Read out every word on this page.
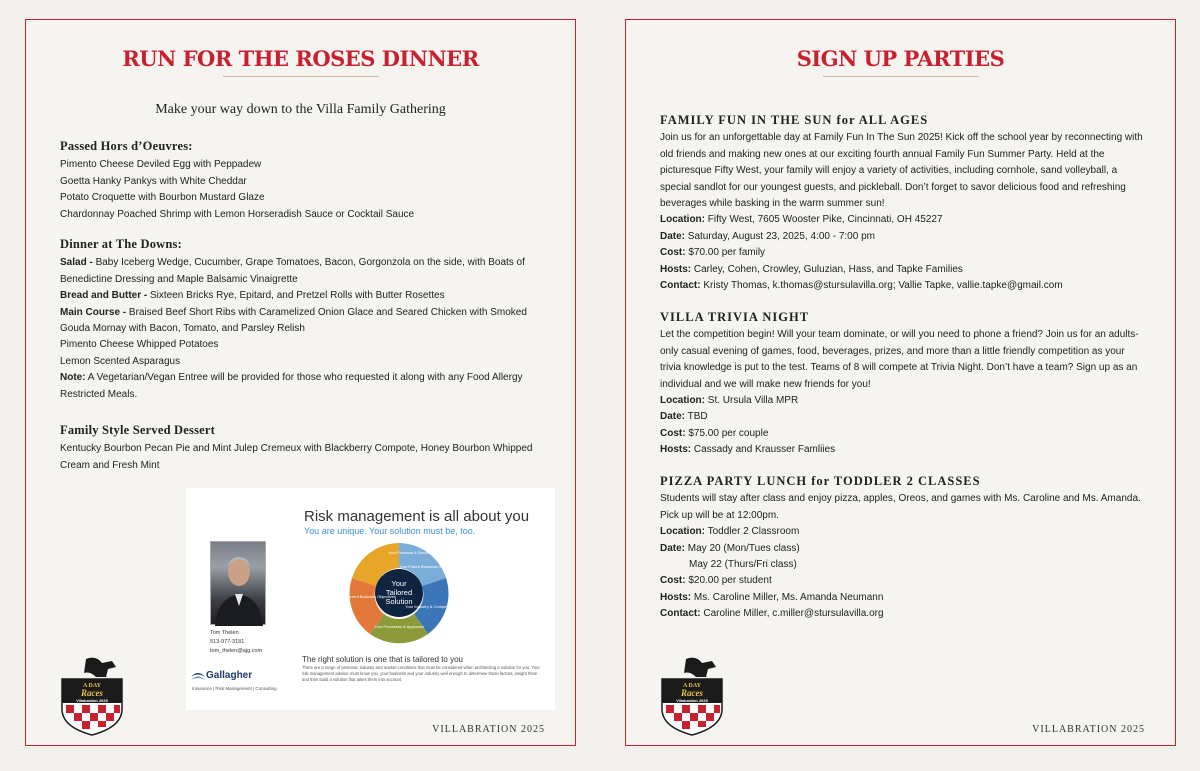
RUN FOR THE ROSES DINNER
Make your way down to the Villa Family Gathering
Passed Hors d’Oeuvres:

Pimento Cheese Deviled Egg with Peppadew

Goetta Hanky Pankys with White Cheddar

Potato Croquette with Bourbon Mustard Glaze

Chardonnay Poached Shrimp with Lemon Horseradish Sauce or Cocktail Sauce

Dinner at The Downs:

Salad - Baby Iceberg Wedge, Cucumber, Grape Tomatoes, Bacon, Gorgonzola on the side, with Boats of Benedictine Dressing and Maple Balsamic Vinaigrette

Bread and Butter - Sixteen Bricks Rye, Epitard, and Pretzel Rolls with Butter Rosettes

Main Course - Braised Beef Short Ribs with Caramelized Onion Glace and Seared Chicken with Smoked Gouda Mornay with Bacon, Tomato, and Parsley Relish

Pimento Cheese Whipped Potatoes

Lemon Scented Asparagus

Note: A Vegetarian/Vegan Entree will be provided for those who requested it along with any Food Allergy Restricted Meals.

Family Style Served Dessert

Kentucky Bourbon Pecan Pie and Mint Julep Cremeux with Blackberry Compote, Honey Bourbon Whipped Cream and Fresh Mint

Risk management is all about you
You are unique. Your solution must be, too.
Tom Thelen
513-977-3181
tom_thelen@ajg.com
Your
Tailored
Solution
Your Products & Services
Your Future Business Goals
Your Industry & Competition
Your Processes & Approach
Your Current Business Objectives
The right solution is one that is tailored to you
There are a range of personal, industry and market conditions that must be considered when architecting a solution for you. Your risk management advisor must know you, your business and your industry well enough to determine those factors, weight them and then build a solution that takes them into account.
Gallagher
Insurance | Risk Management | Consulting
A DAY
Races
Villabration 2025
VILLABRATION 2025
SIGN UP PARTIES
FAMILY FUN IN THE SUN for ALL AGES

Join us for an unforgettable day at Family Fun In The Sun 2025! Kick off the school year by reconnecting with old friends and making new ones at our exciting fourth annual Family Fun Summer Party. Held at the picturesque Fifty West, your family will enjoy a variety of activities, including cornhole, sand volleyball, a special sandlot for our youngest guests, and pickleball. Don’t forget to savor delicious food and refreshing beverages while basking in the warm summer sun!

Location: Fifty West, 7605 Wooster Pike, Cincinnati, OH 45227

Date: Saturday, August 23, 2025, 4:00 - 7:00 pm

Cost: $70.00 per family

Hosts: Carley, Cohen, Crowley, Guluzian, Hass, and Tapke Families

Contact: Kristy Thomas, k.thomas@stursulavilla.org; Vallie Tapke, vallie.tapke@gmail.com

VILLA TRIVIA NIGHT

Let the competition begin! Will your team dominate, or will you need to phone a friend? Join us for an adults-only casual evening of games, food, beverages, prizes, and more than a little friendly competition as your trivia knowledge is put to the test. Teams of 8 will compete at Trivia Night. Don’t have a team? Sign up as an individual and we will make new friends for you!

Location: St. Ursula Villa MPR

Date: TBD

Cost: $75.00 per couple

Hosts: Cassady and Krausser Famliies

PIZZA PARTY LUNCH for TODDLER 2 CLASSES

Students will stay after class and enjoy pizza, apples, Oreos, and games with Ms. Caroline and Ms. Amanda. Pick up will be at 12:00pm.

Location: Toddler 2 Classroom

Date: May 20 (Mon/Tues class)

May 22 (Thurs/Fri class)

Cost: $20.00 per student

Hosts: Ms. Caroline Miller, Ms. Amanda Neumann

Contact: Caroline Miller, c.miller@stursulavilla.org

A DAY
Races
Villabration 2025
VILLABRATION 2025
